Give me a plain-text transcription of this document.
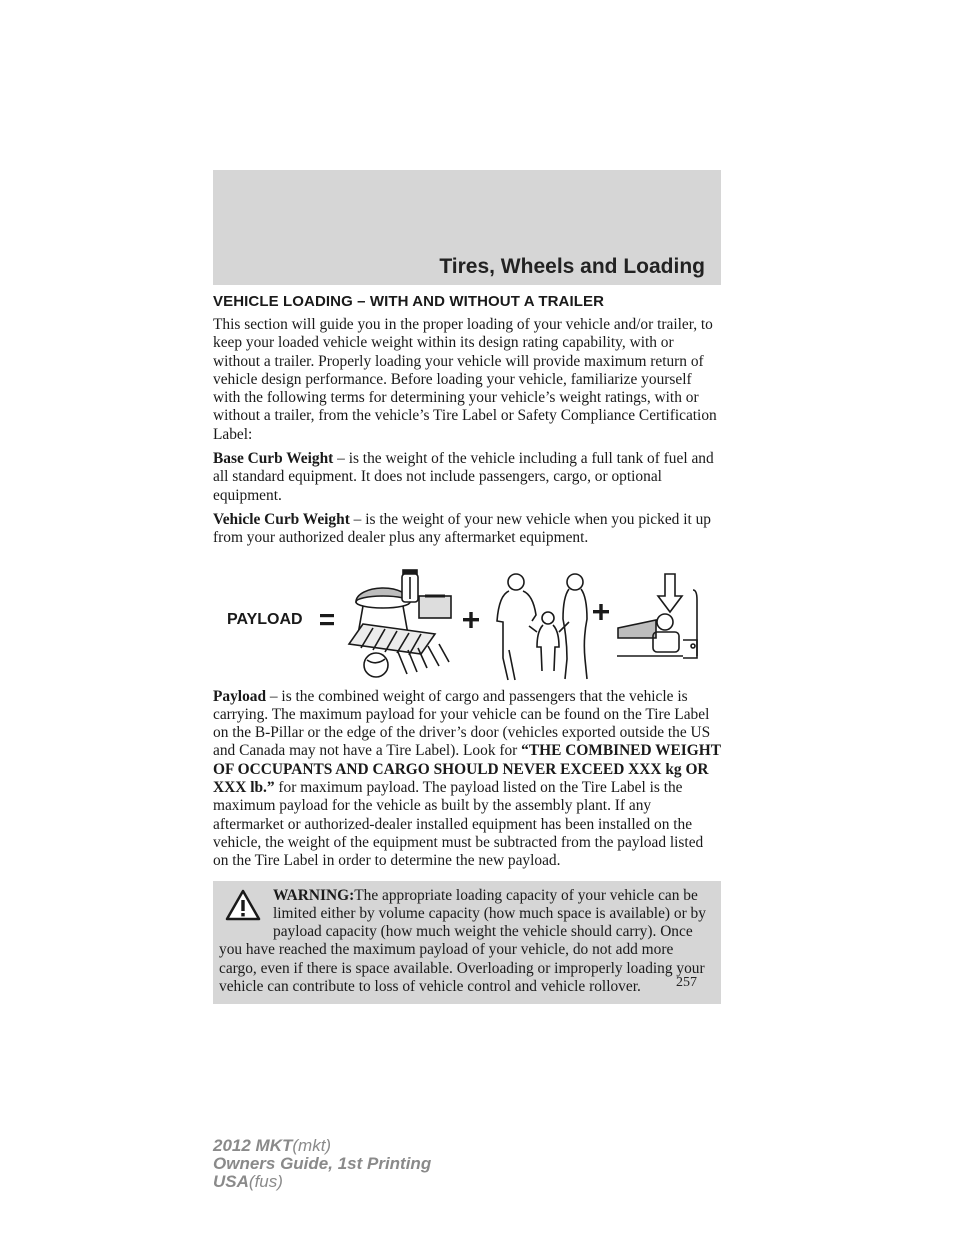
Tires, Wheels and Loading
VEHICLE LOADING – WITH AND WITHOUT A TRAILER

This section will guide you in the proper loading of your vehicle and/or trailer, to keep your loaded vehicle weight within its design rating capability, with or without a trailer. Properly loading your vehicle will provide maximum return of vehicle design performance. Before loading your vehicle, familiarize yourself with the following terms for determining your vehicle’s weight ratings, with or without a trailer, from the vehicle’s Tire Label or Safety Compliance Certification Label:

Base Curb Weight – is the weight of the vehicle including a full tank of fuel and all standard equipment. It does not include passengers, cargo, or optional equipment.

Vehicle Curb Weight – is the weight of your new vehicle when you picked it up from your authorized dealer plus any aftermarket equipment.

PAYLOAD

Payload – is the combined weight of cargo and passengers that the vehicle is carrying. The maximum payload for your vehicle can be found on the Tire Label on the B-Pillar or the edge of the driver’s door (vehicles exported outside the US and Canada may not have a Tire Label). Look for “THE COMBINED WEIGHT OF OCCUPANTS AND CARGO SHOULD NEVER EXCEED XXX kg OR XXX lb.” for maximum payload. The payload listed on the Tire Label is the maximum payload for the vehicle as built by the assembly plant. If any aftermarket or authorized-dealer installed equipment has been installed on the vehicle, the weight of the equipment must be subtracted from the payload listed on the Tire Label in order to determine the new payload.

WARNING:The appropriate loading capacity of your vehicle can be limited either by volume capacity (how much space is available) or by payload capacity (how much weight the vehicle should carry). Once you have reached the maximum payload of your vehicle, do not add more cargo, even if there is space available. Overloading or improperly loading your vehicle can contribute to loss of vehicle control and vehicle rollover.	257

2012 MKT(mkt)
Owners Guide, 1st Printing
USA(fus)
